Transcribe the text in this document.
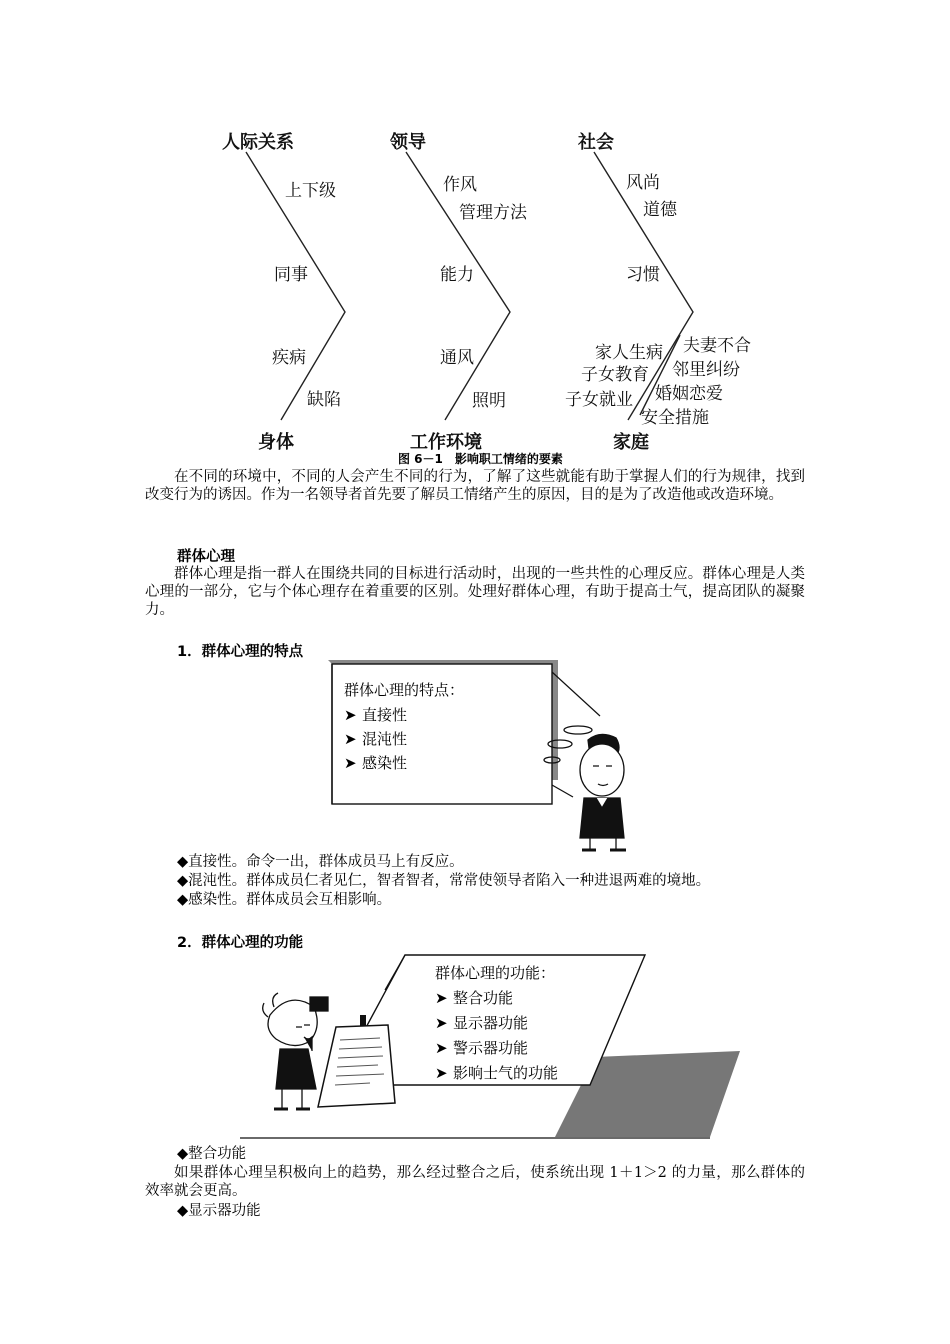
人际关系	领导	社会
上下级
同事
疾病
缺陷
作风
管理方法
能力
通风
照明
风尚
道德
习惯
家人生病
子女教育
子女就业
夫妻不合
邻里纠纷
婚姻恋爱
安全措施
身体	工作环境	家庭
图 6－1　影响职工情绪的要素
在不同的环境中，不同的人会产生不同的行为，了解了这些就能有助于掌握人们的行为规律，找到改变行为的诱因。作为一名领导者首先要了解员工情绪产生的原因，目的是为了改造他或改造环境。
群体心理
群体心理是指一群人在围绕共同的目标进行活动时，出现的一些共性的心理反应。群体心理是人类心理的一部分，它与个体心理存在着重要的区别。处理好群体心理，有助于提高士气，提高团队的凝聚力。
1．群体心理的特点
群体心理的特点：
➤ 直接性
➤ 混沌性
➤ 感染性
◆直接性。命令一出，群体成员马上有反应。
◆混沌性。群体成员仁者见仁，智者智者，常常使领导者陷入一种进退两难的境地。
◆感染性。群体成员会互相影响。
2．群体心理的功能
群体心理的功能：
➤ 整合功能
➤ 显示器功能
➤ 警示器功能
➤ 影响士气的功能
◆整合功能
如果群体心理呈积极向上的趋势，那么经过整合之后，使系统出现 1＋1＞2 的力量，那么群体的效率就会更高。
◆显示器功能
